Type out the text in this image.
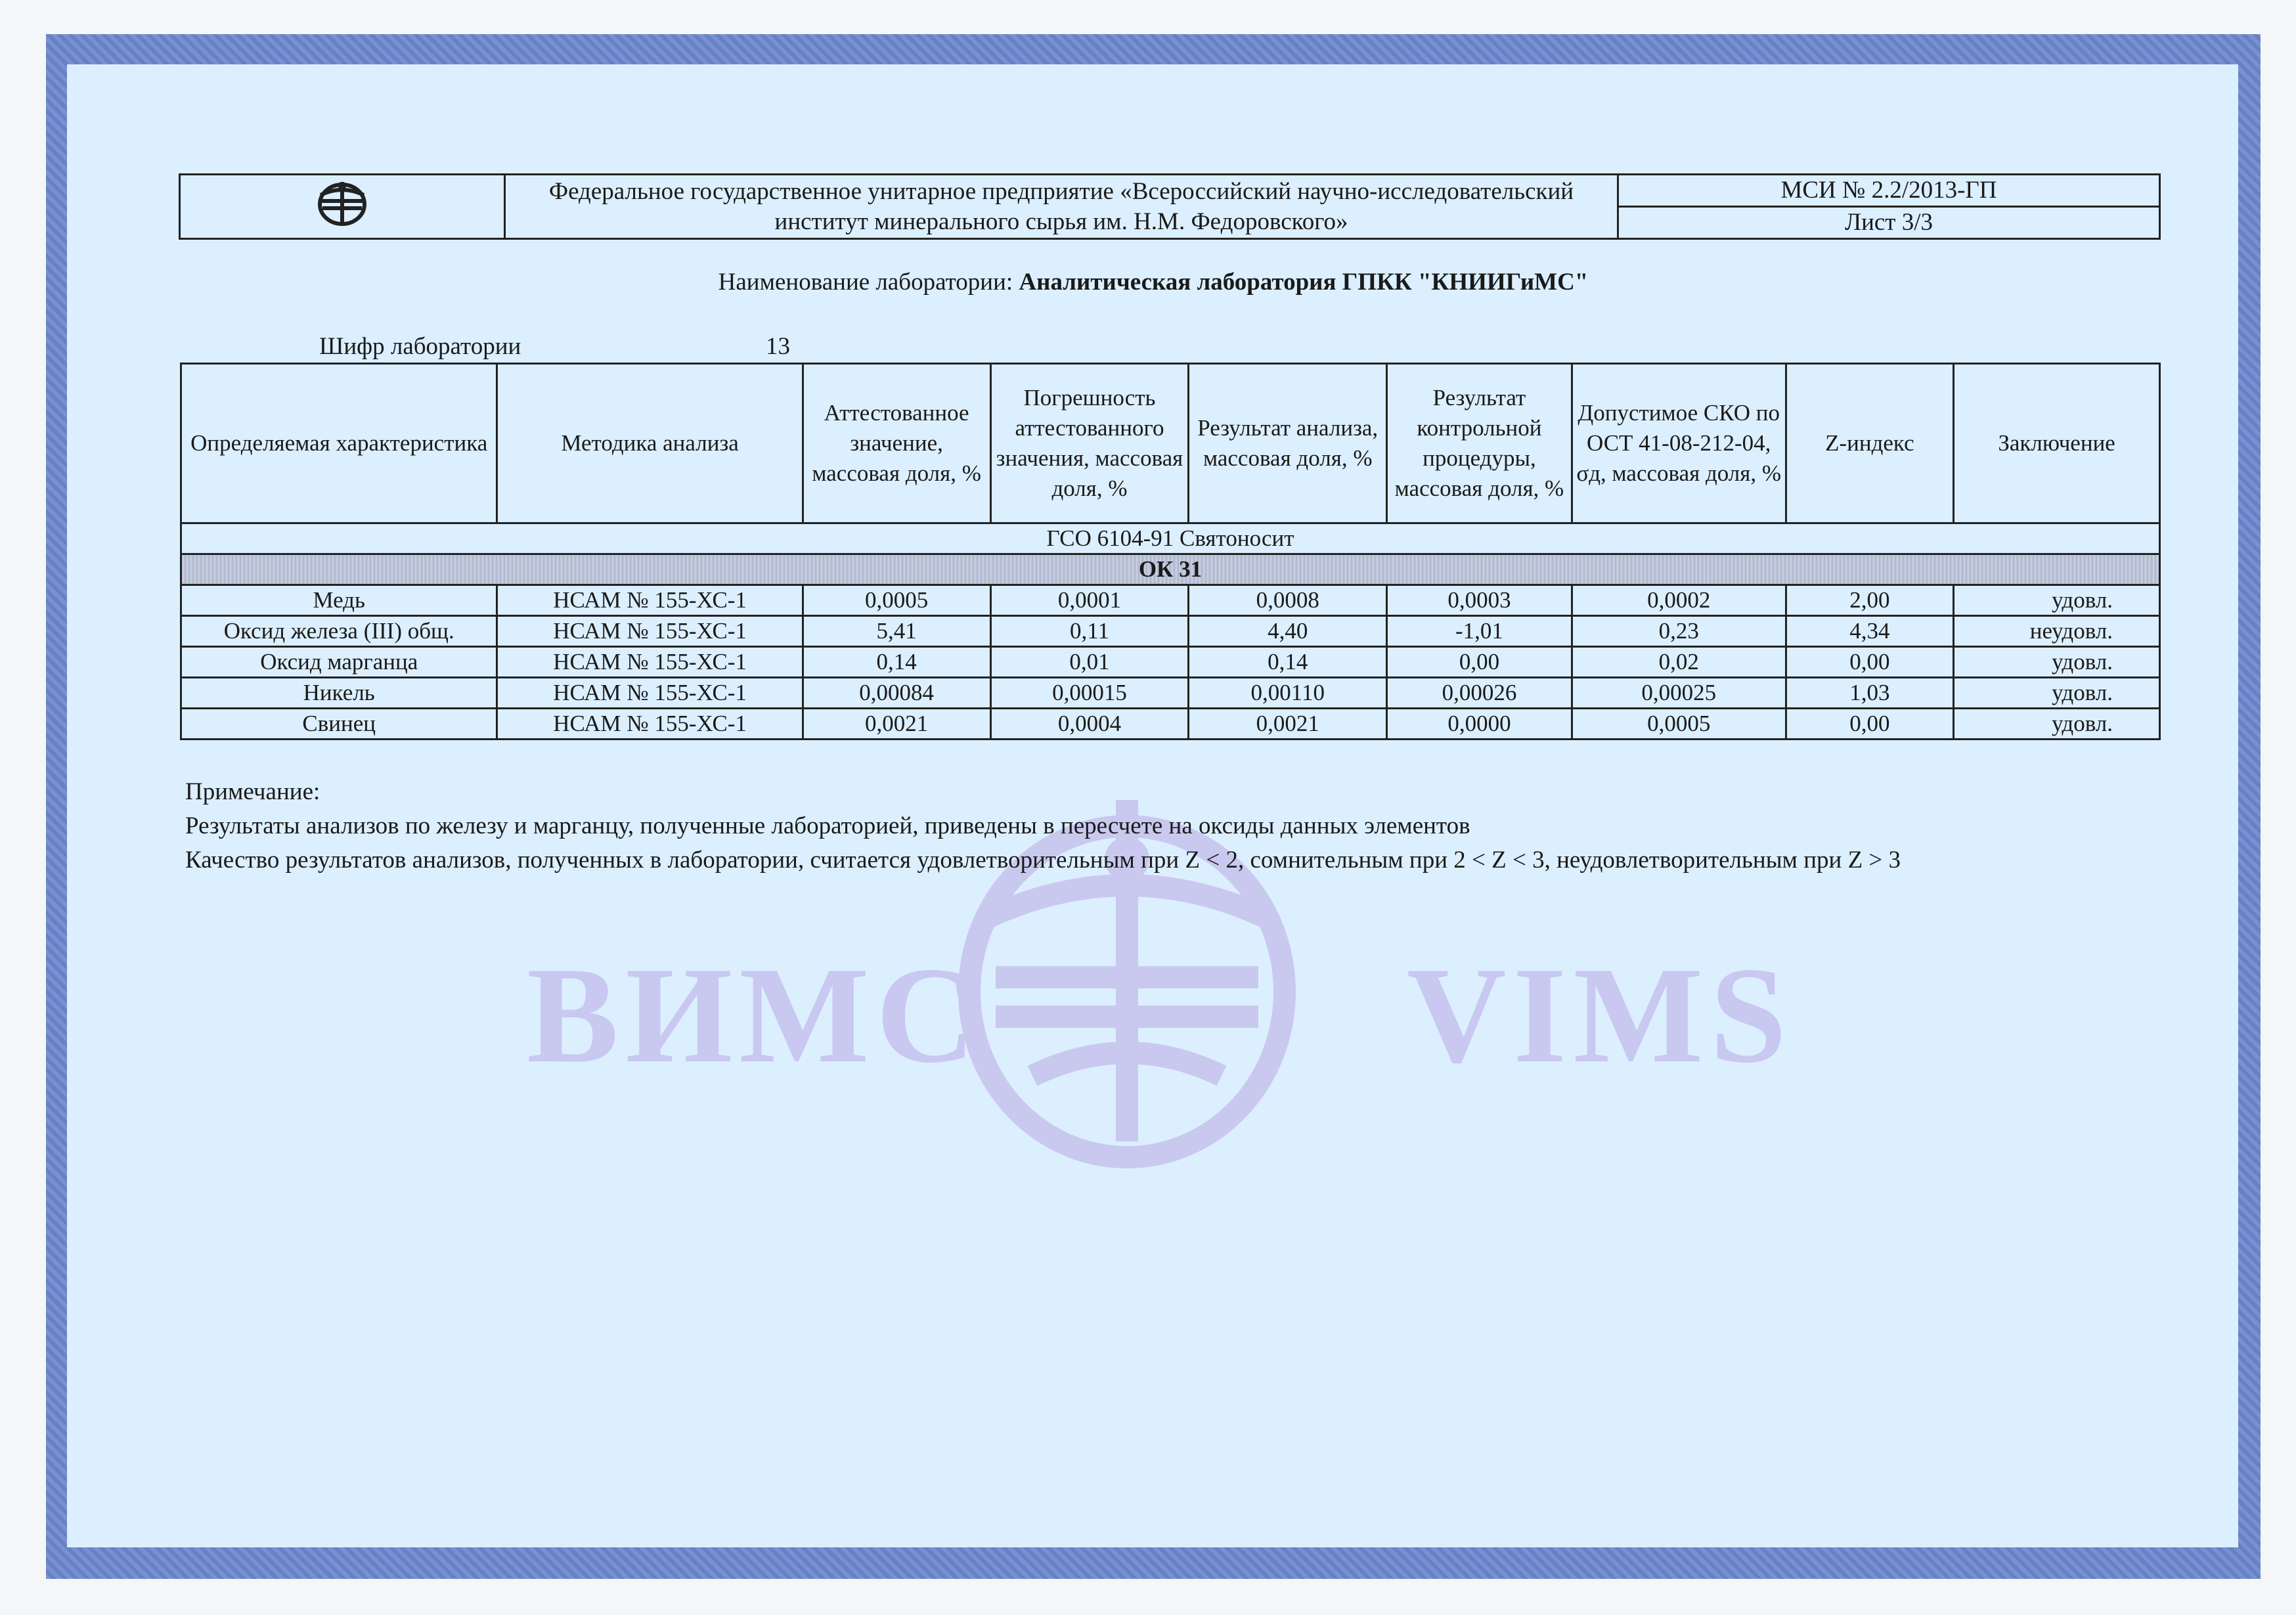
ВИМС	VIMS
	Федеральное государственное унитарное предприятие «Всероссийский научно-исследовательский институт минерального сырья им. Н.М. Федоровского»	МСИ № 2.2/2013-ГП
Лист 3/3
Наименование лаборатории: Аналитическая лаборатория ГПКК "КНИИГиМС"
Шифр лаборатории	13
Определяемая характеристика	Методика анализа	Аттестованное значение, массовая доля, %	Погрешность аттестованного значения, массовая доля, %	Результат анализа, массовая доля, %	Результат контрольной процедуры, массовая доля, %	Допустимое СКО по ОСТ 41-08-212-04, σд, массовая доля, %	Z-индекс	Заключение
ГСО 6104-91 Святоносит								
ОК 31								
Медь	НСАМ № 155-ХС-1	0,0005	0,0001	0,0008	0,0003	0,0002	2,00	удовл.
Оксид железа (III) общ.	НСАМ № 155-ХС-1	5,41	0,11	4,40	-1,01	0,23	4,34	неудовл.
Оксид марганца	НСАМ № 155-ХС-1	0,14	0,01	0,14	0,00	0,02	0,00	удовл.
Никель	НСАМ № 155-ХС-1	0,00084	0,00015	0,00110	0,00026	0,00025	1,03	удовл.
Свинец	НСАМ № 155-ХС-1	0,0021	0,0004	0,0021	0,0000	0,0005	0,00	удовл.
Примечание:
Результаты анализов по железу и марганцу, полученные лабораторией, приведены в пересчете на оксиды данных элементов
Качество результатов анализов, полученных в лаборатории, считается удовлетворительным при Z < 2, сомнительным при 2 < Z < 3, неудовлетворительным при Z > 3
